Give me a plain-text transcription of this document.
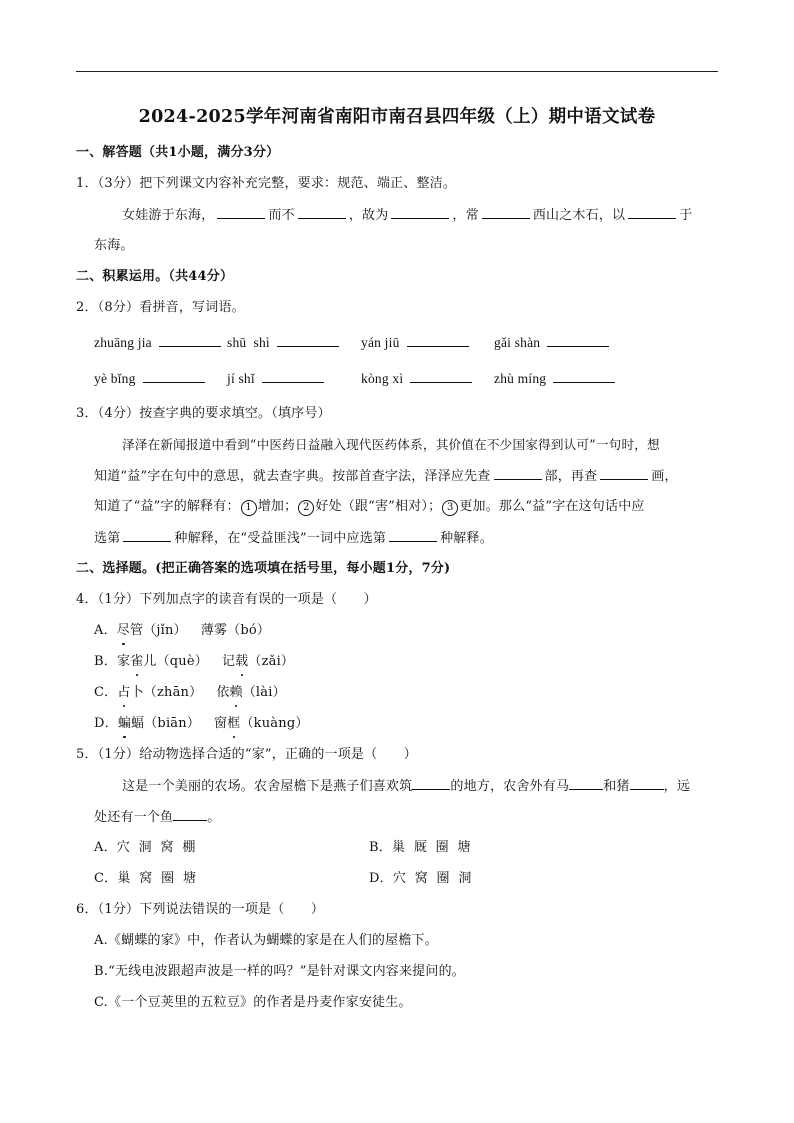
2024-2025学年河南省南阳市南召县四年级（上）期中语文试卷
一、解答题（共1小题，满分3分）
1．（3分）把下列课文内容补充完整，要求：规范、端正、整洁。
女娃游于东海，	而不	，故为	，常	西山之木石，以	于
东海。
二、积累运用。（共44分）
2．（8分）看拼音，写词语。
zhuāng jia	shū  shì	yán jiū	gǎi shàn
yè bǐng	jí shǐ	kòng xì	zhù míng
3．（4分）按查字典的要求填空。（填序号）
泽泽在新闻报道中看到“中医药日益融入现代医药体系，其价值在不少国家得到认可”一句时，想
知道“益”字在句中的意思，就去查字典。按部首查字法，泽泽应先查	部，再查	画，
知道了“益”字的解释有： 1 增加； 2 好处（跟“害”相对）； 3 更加。那么“益”字在这句话中应
选第	种解释，在“受益匪浅”一词中应选第	种解释。
二、选择题。(把正确答案的选项填在括号里，每小题1分，7分)
4．（1分）下列加点字的读音有误的一项是（　　）
A．尽管（jǐn） 薄雾（bó）
B．家雀儿（què） 记载（zǎi）
C．占卜（zhān） 依赖（lài）
D．蝙蝠（biān） 窗框（kuàng）
5．（1分）给动物选择合适的“家”，正确的一项是（　　）
这是一个美丽的农场。农舍屋檐下是燕子们喜欢筑	的地方，农舍外有马	和猪	，远
处还有一个鱼	。
A．穴  洞  窝  棚	B．巢  厩  圈  塘
C．巢  窝  圈  塘	D．穴  窝  圈  洞
6．（1分）下列说法错误的一项是（　　）
A.《蝴蝶的家》中，作者认为蝴蝶的家是在人们的屋檐下。
B.“无线电波跟超声波是一样的吗？”是针对课文内容来提问的。
C.《一个豆荚里的五粒豆》的作者是丹麦作家安徒生。
